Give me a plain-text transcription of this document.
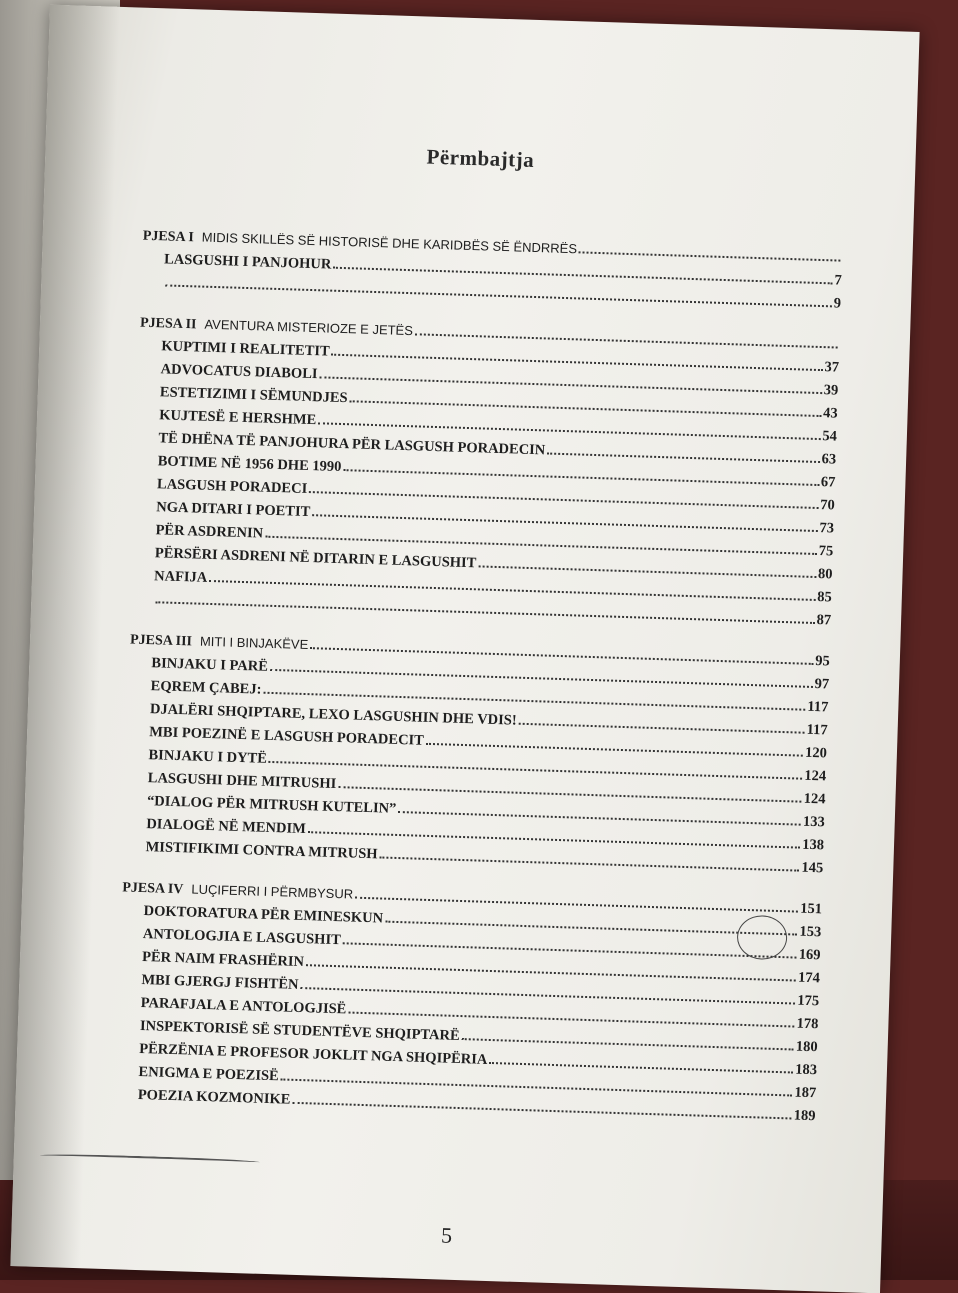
Përmbajtja
PJESA I MIDIS SKILLËS SË HISTORISË DHE KARIDBËS SË ËNDRRËS
LASGUSHI I PANJOHUR
7
9
PJESA II AVENTURA MISTERIOZE E JETËS
KUPTIMI I REALITETIT
37
ADVOCATUS DIABOLI
39
ESTETIZIMI I SËMUNDJES
43
KUJTESË E HERSHME
54
TË DHËNA TË PANJOHURA PËR LASGUSH PORADECIN
63
BOTIME NË 1956 DHE 1990
67
LASGUSH PORADECI
70
NGA DITARI I POETIT
73
PËR ASDRENIN
75
PËRSËRI ASDRENI NË DITARIN E LASGUSHIT
80
NAFIJA
85
87
PJESA III MITI I BINJAKËVE
95
BINJAKU I PARË
97
EQREM ÇABEJ:
117
DJALËRI SHQIPTARE, LEXO LASGUSHIN DHE VDIS!
117
MBI POEZINË E LASGUSH PORADECIT
120
BINJAKU I DYTË
124
LASGUSHI DHE MITRUSHI
124
“DIALOG PËR MITRUSH KUTELIN”
133
DIALOGË NË MENDIM
138
MISTIFIKIMI CONTRA MITRUSH
145
PJESA IV LUÇIFERRI I PËRMBYSUR
151
DOKTORATURA PËR EMINESKUN
153
ANTOLOGJIA E LASGUSHIT
169
PËR NAIM FRASHËRIN
174
MBI GJERGJ FISHTËN
175
PARAFJALA E ANTOLOGJISË
178
INSPEKTORISË SË STUDENTËVE SHQIPTARË
180
PËRZËNIA E PROFESOR JOKLIT NGA SHQIPËRIA
183
ENIGMA E POEZISË
187
POEZIA KOZMONIKE
189
5
